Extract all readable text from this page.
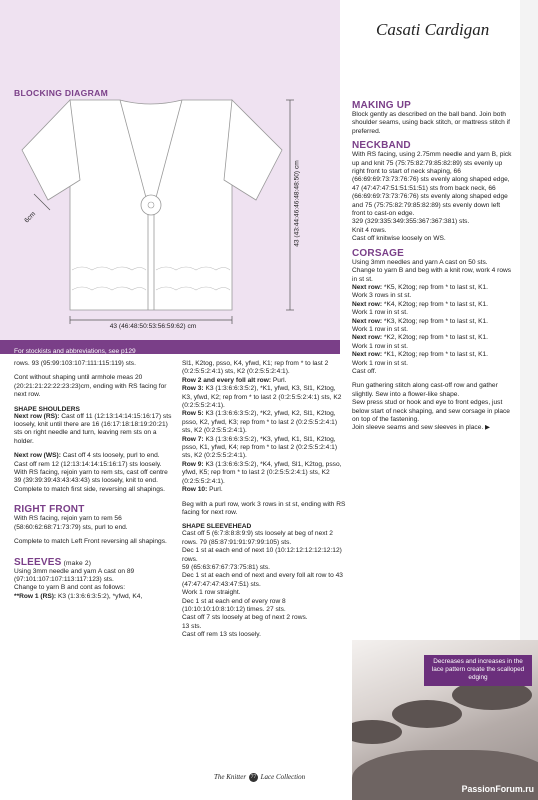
Casati Cardigan
BLOCKING DIAGRAM
6cm	43 (43:44:46:46:48:48:50) cm
43 (46:48:50:53:56:59:62) cm
For stockists and abbreviations, see p129

rows. 93 (95:99:103:107:111:115:119) sts.

Cont without shaping until armhole meas 20 (20:21:21:22:22:23:23)cm, ending with RS facing for next row.

SHAPE SHOULDERS

Next row (RS): Cast off 11 (12:13:14:14:15:16:17) sts loosely, knit until there are 16 (16:17:18:18:19:20:21) sts on right needle and turn, leaving rem sts on a holder.

Next row (WS): Cast off 4 sts loosely, purl to end.

Cast off rem 12 (12:13:14:14:15:16:17) sts loosely.

With RS facing, rejoin yarn to rem sts, cast off centre 39 (39:39:39:43:43:43:43) sts loosely, knit to end.

Complete to match first side, reversing all shapings.

RIGHT FRONT

With RS facing, rejoin yarn to rem 56 (58:60:62:68:71:73:79) sts, purl to end.

Complete to match Left Front reversing all shapings.

SLEEVES (make 2)

Using 3mm needle and yarn A cast on 89 (97:101:107:107:113:117:123) sts.

Change to yarn B and cont as follows:

**Row 1 (RS): K3 (1:3:6:6:3:5:2), *yfwd, K4,

Sl1, K2tog, psso, K4, yfwd, K1; rep from * to last 2 (0:2:5:5:2:4:1) sts, K2 (0:2:5:5:2:4:1).

Row 2 and every foll alt row: Purl.

Row 3: K3 (1:3:6:6:3:5:2), *K1, yfwd, K3, Sl1, K2tog, K3, yfwd, K2; rep from * to last 2 (0:2:5:5:2:4:1) sts, K2 (0:2:5:5:2:4:1).

Row 5: K3 (1:3:6:6:3:5:2), *K2, yfwd, K2, Sl1, K2tog, psso, K2, yfwd, K3; rep from * to last 2 (0:2:5:5:2:4:1) sts, K2 (0:2:5:5:2:4:1).

Row 7: K3 (1:3:6:6:3:5:2), *K3, yfwd, K1, Sl1, K2tog, psso, K1, yfwd, K4; rep from * to last 2 (0:2:5:5:2:4:1) sts, K2 (0:2:5:5:2:4:1).

Row 9: K3 (1:3:6:6:3:5:2), *K4, yfwd, Sl1, K2tog, psso, yfwd, K5; rep from * to last 2 (0:2:5:5:2:4:1) sts, K2 (0:2:5:5:2:4:1).

Row 10: Purl.

Beg with a purl row, work 3 rows in st st, ending with RS facing for next row.

SHAPE SLEEVEHEAD

Cast off 5 (6:7:8:8:8:9:9) sts loosely at beg of next 2 rows. 79 (85:87:91:91:97:99:105) sts.

Dec 1 st at each end of next 10 (10:12:12:12:12:12:12) rows.

59 (65:63:67:67:73:75:81) sts.

Dec 1 st at each end of next and every foll alt row to 43 (47:47:47:47:43:47:51) sts.

Work 1 row straight.

Dec 1 st at each end of every row 8 (10:10:10:10:8:10:12) times. 27 sts.

Cast off 7 sts loosely at beg of next 2 rows.

13 sts.

Cast off rem 13 sts loosely.

MAKING UP

Block gently as described on the ball band. Join both shoulder seams, using back stitch, or mattress stitch if preferred.

NECKBAND

With RS facing, using 2.75mm needle and yarn B, pick up and knit 75 (75:75:82:79:85:82:89) sts evenly up right front to start of neck shaping, 66 (66:69:69:73:73:76:76) sts evenly along shaped edge, 47 (47:47:47:51:51:51:51) sts from back neck, 66 (66:69:69:73:73:76:76) sts evenly along shaped edge and 75 (75:75:82:79:85:82:89) sts evenly down left front to cast-on edge.

329 (329:335:349:355:367:367:381) sts.

Knit 4 rows.

Cast off knitwise loosely on WS.

CORSAGE

Using 3mm needles and yarn A cast on 50 sts.

Change to yarn B and beg with a knit row, work 4 rows in st st.

Next row: *K5, K2tog; rep from * to last st, K1.

Work 3 rows in st st.

Next row: *K4, K2tog; rep from * to last st, K1.

Work 1 row in st st.

Next row: *K3, K2tog; rep from * to last st, K1.

Work 1 row in st st.

Next row: *K2, K2tog; rep from * to last st, K1.

Work 1 row in st st.

Next row: *K1, K2tog; rep from * to last st, K1.

Work 1 row in st st.

Cast off.

Run gathering stitch along cast-off row and gather slightly. Sew into a flower-like shape.

Sew press stud or hook and eye to front edges, just below start of neck shaping, and sew corsage in place on top of the fastening.

Join sleeve seams and sew sleeves in place. ▶

PassionForum.ru
Decreases and increases in the lace pattern create the scalloped edging
The Knitter 77 Lace Collection
